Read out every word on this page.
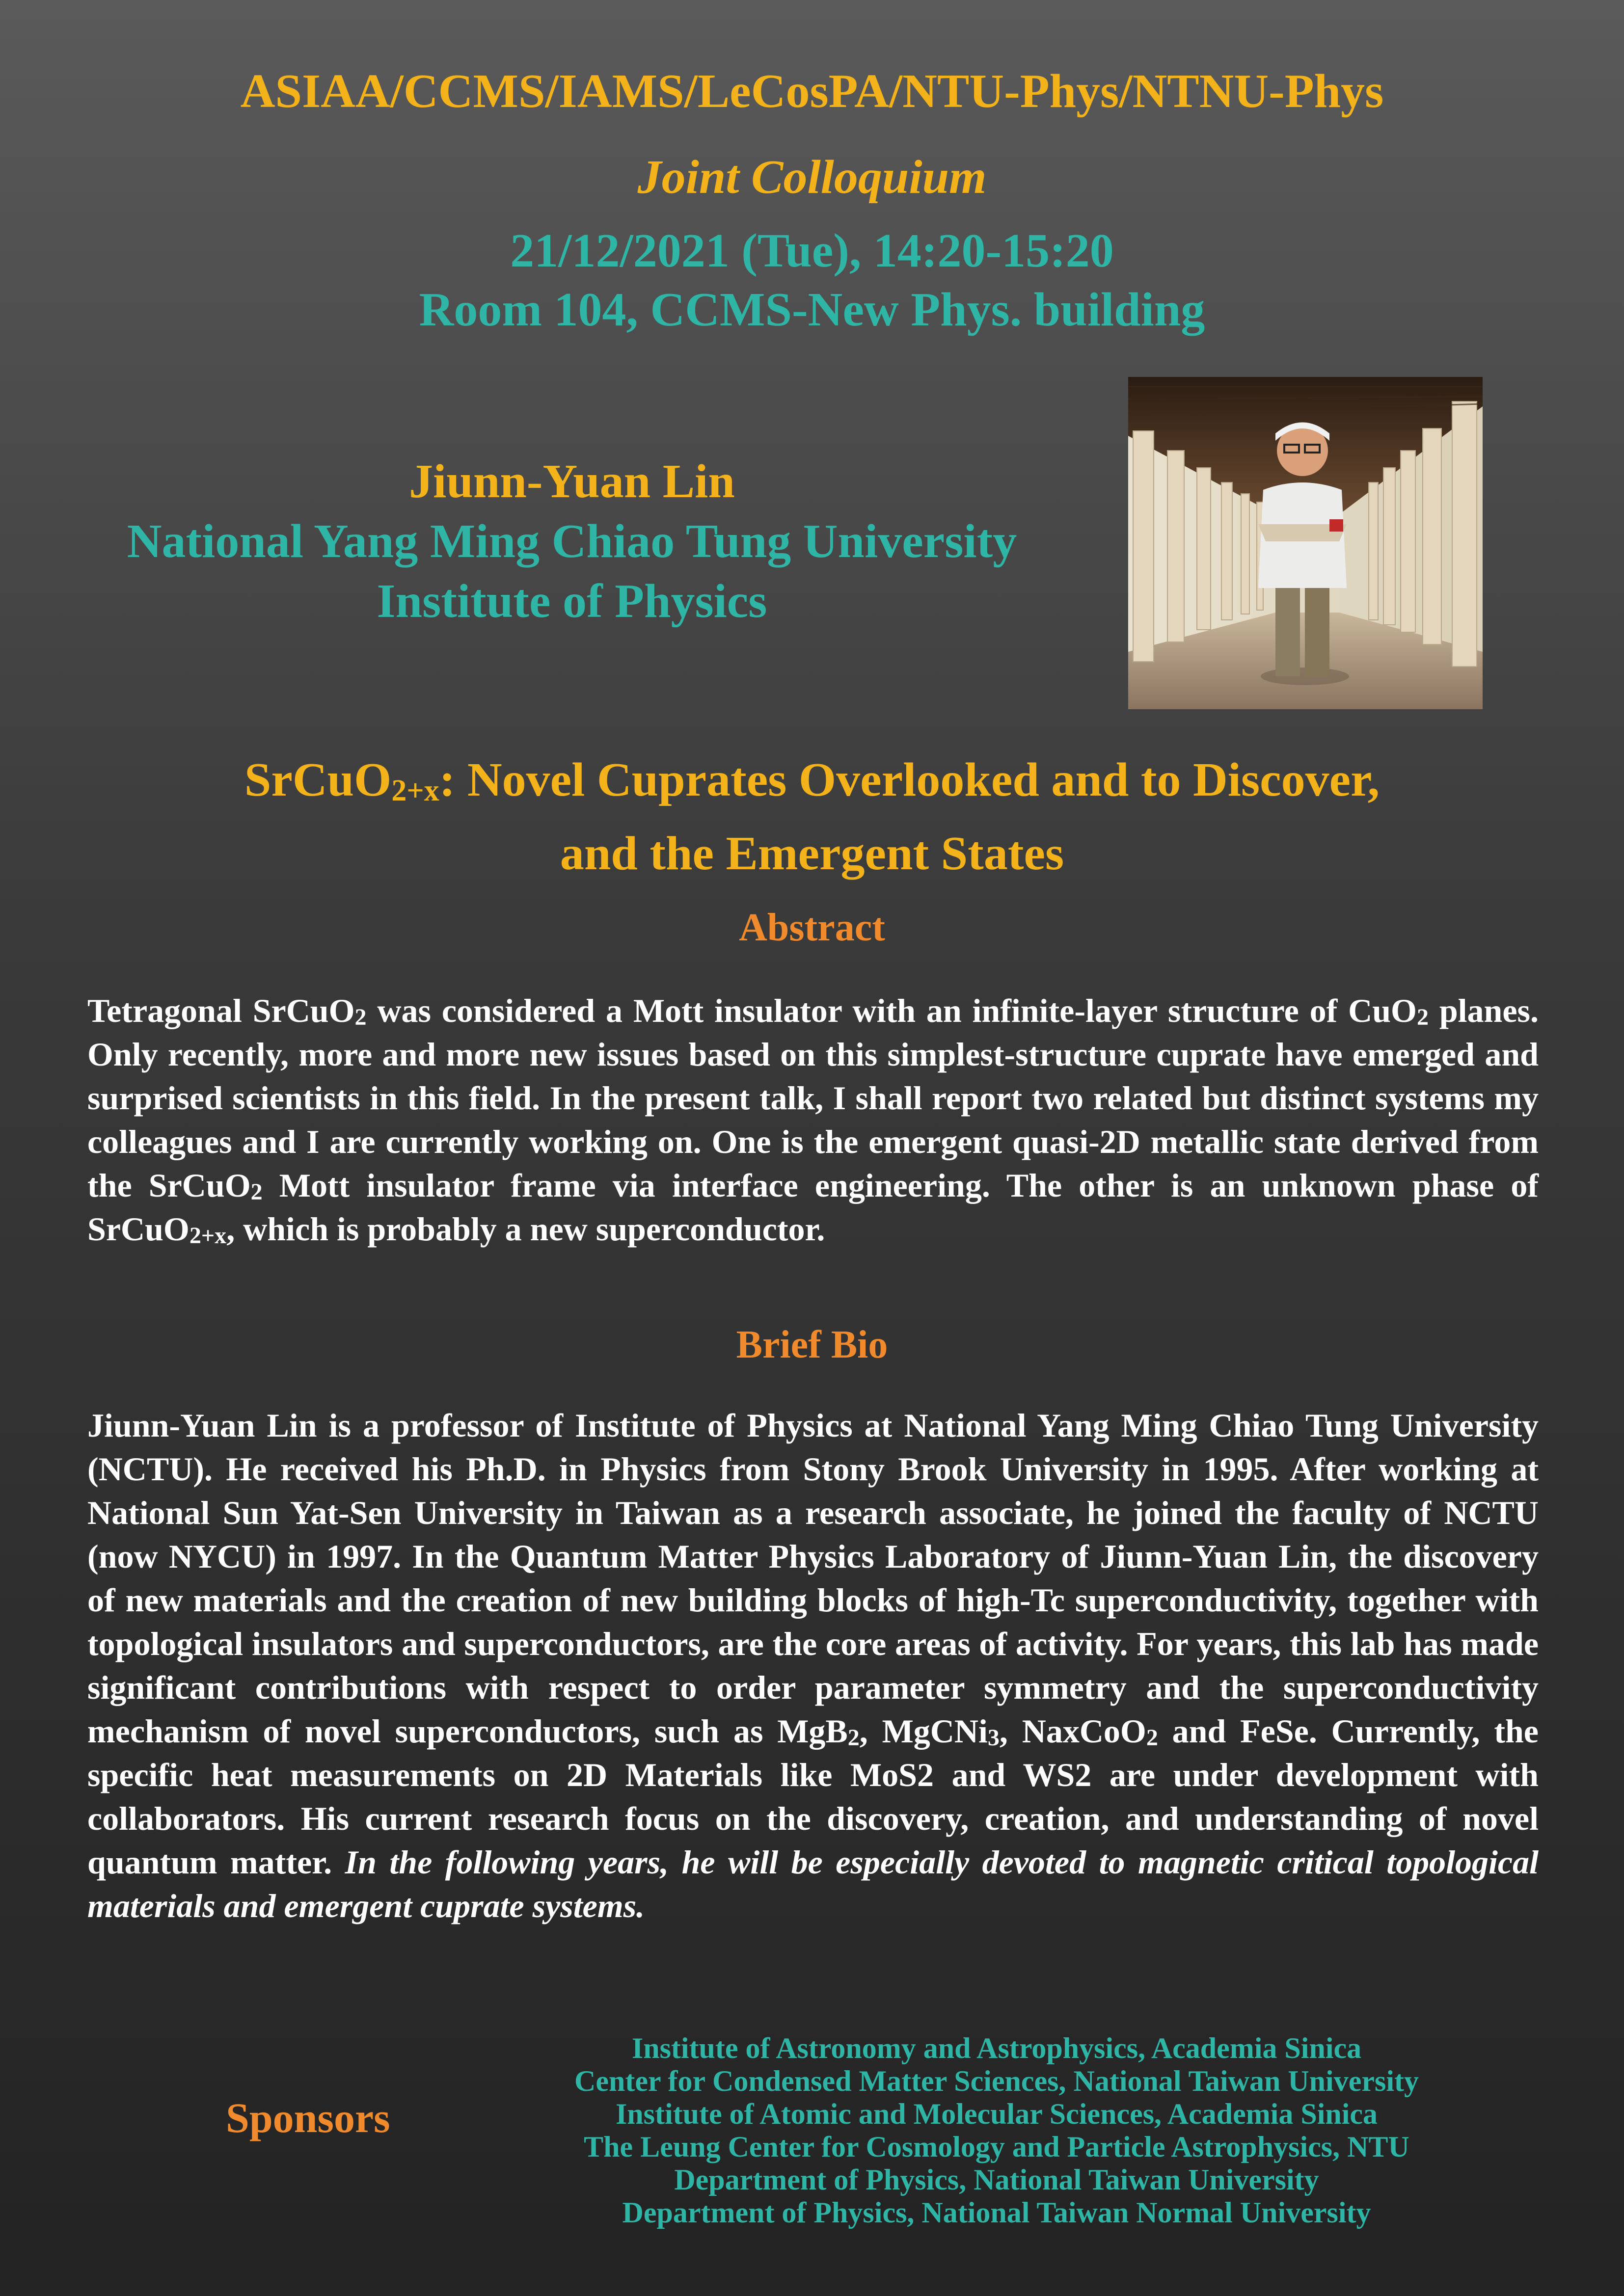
ASIAA/CCMS/IAMS/LeCosPA/NTU-Phys/NTNU-Phys
Joint Colloquium
21/12/2021 (Tue), 14:20-15:20
Room 104, CCMS-New Phys. building
Jiunn-Yuan Lin
National Yang Ming Chiao Tung University
Institute of Physics
SrCuO$_{2+x}$: Novel Cuprates Overlooked and to Discover,
and the Emergent States
Abstract
Tetragonal SrCuO$_2$ was considered a Mott insulator with an infinite-layer structure of CuO$_2$ planes. Only recently, more and more new issues based on this simplest-structure cuprate have emerged and surprised scientists in this field. In the present talk, I shall report two related but distinct systems my colleagues and I are currently working on. One is the emergent quasi-2D metallic state derived from the SrCuO$_2$ Mott insulator frame via interface engineering. The other is an unknown phase of SrCuO$_{2+x}$, which is probably a new superconductor.
Brief Bio
Jiunn-Yuan Lin is a professor of Institute of Physics at National Yang Ming Chiao Tung University (NCTU). He received his Ph.D. in Physics from Stony Brook University in 1995. After working at National Sun Yat-Sen University in Taiwan as a research associate, he joined the faculty of NCTU (now NYCU) in 1997. In the Quantum Matter Physics Laboratory of Jiunn-Yuan Lin, the discovery of new materials and the creation of new building blocks of high-Tc superconductivity, together with topological insulators and superconductors, are the core areas of activity. For years, this lab has made significant contributions with respect to order parameter symmetry and the superconductivity mechanism of novel superconductors, such as MgB$_2$, MgCNi$_3$, NaxCoO$_2$ and FeSe. Currently, the specific heat measurements on 2D Materials like MoS2 and WS2 are under development with collaborators. His current research focus on the discovery, creation, and understanding of novel quantum matter. In the following years, he will be especially devoted to magnetic critical topological materials and emergent cuprate systems.
Sponsors
Institute of Astronomy and Astrophysics, Academia Sinica
Center for Condensed Matter Sciences, National Taiwan University
Institute of Atomic and Molecular Sciences, Academia Sinica
The Leung Center for Cosmology and Particle Astrophysics, NTU
Department of Physics, National Taiwan University
Department of Physics, National Taiwan Normal University
